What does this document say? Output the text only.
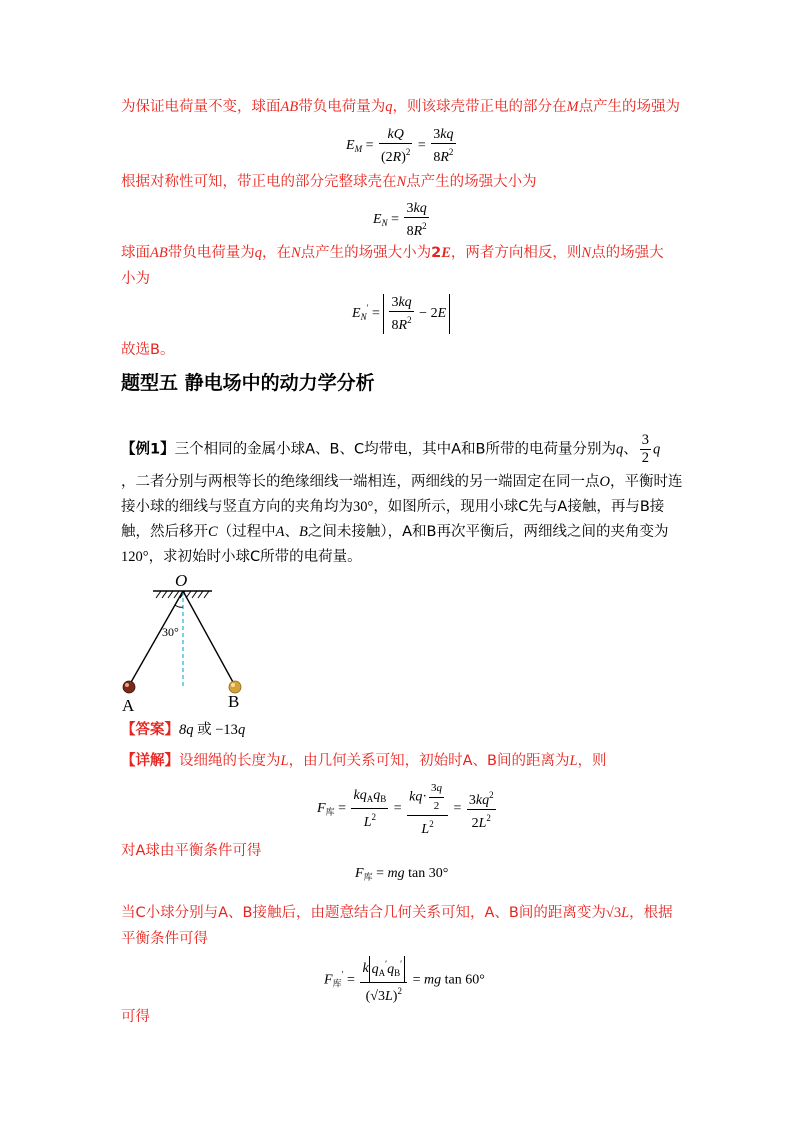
为保证电荷量不变，球面AB带负电荷量为q，则该球壳带正电的部分在M点产生的场强为
$E_M = \frac{kQ}{(2R)^2} = \frac{3kq}{8R^2}$
根据对称性可知，带正电的部分完整球壳在N点产生的场强大小为
$E_N = \frac{3kq}{8R^2}$
球面AB带负电荷量为q，在N点产生的场强大小为2E，两者方向相反，则N点的场强大
小为
$E_N' = \frac{3kq}{8R^2} - 2E$
故选B。
题型五 静电场中的动力学分析
【例1】三个相同的金属小球A、B、C均带电，其中A和B所带的电荷量分别为q、 $\frac{3}{2}$ q
，二者分别与两根等长的绝缘细线一端相连，两细线的另一端固定在同一点O，平衡时连
接小球的细线与竖直方向的夹角均为30°，如图所示，现用小球C先与A接触，再与B接
触，然后移开C（过程中A、B之间未接触），A和B再次平衡后，两细线之间的夹角变为
120°，求初始时小球C所带的电荷量。
O
30°
A	B
【答案】8q 或 −13q
【详解】设细绳的长度为L，由几何关系可知，初始时A、B间的距离为L，则
$F_库 = \frac{kq_Aq_B}{L^2} = \frac{kq\cdot \frac{3q}{2}}{L^2} = \frac{3kq^2}{2L^2}$
对A球由平衡条件可得
$F_库$ = mg tan 30°
当C小球分别与A、B接触后，由题意结合几何关系可知，A、B间的距离变为√3L，根据
平衡条件可得
$F_库' = \frac{k q_A'q_B'}{(√3L)^2}$ = mg tan 60°
可得
